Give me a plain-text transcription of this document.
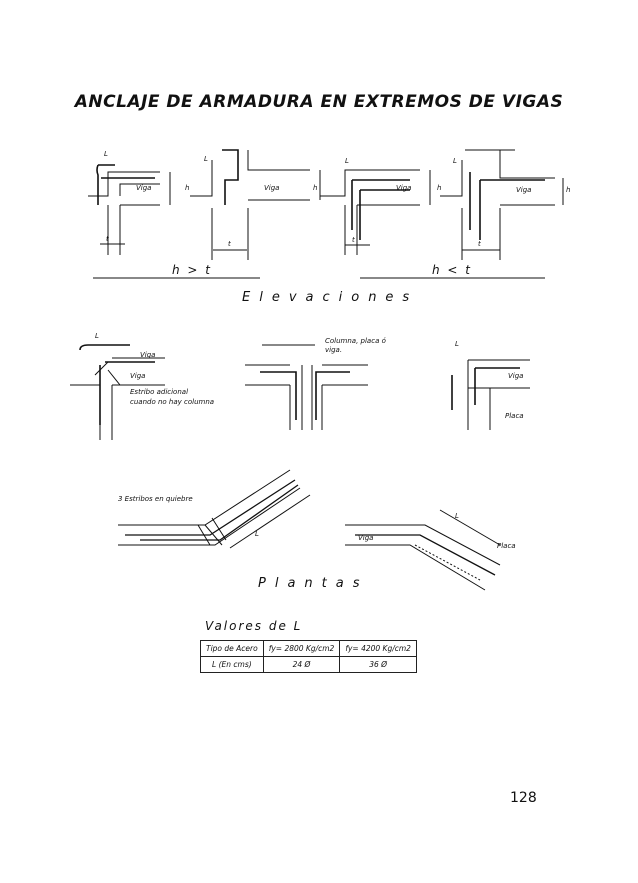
ANCLAJE DE ARMADURA EN EXTREMOS DE VIGAS
Viga	Viga	Viga	Viga
L
L	L	L
h	h	h	h
t
t	t	t
h > t	h < t
Elevaciones
L
Viga
Viga
Estribo adicional
cuando no hay columna
Columna, placa ó
viga.
L
Viga
Placa
3 Estribos en quiebre
L	Viga
L
Placa
Plantas
Valores de L
Tipo de Acero	fy= 2800 Kg/cm2	fy= 4200 Kg/cm2
L (En cms)	24 Ø	36 Ø
128
